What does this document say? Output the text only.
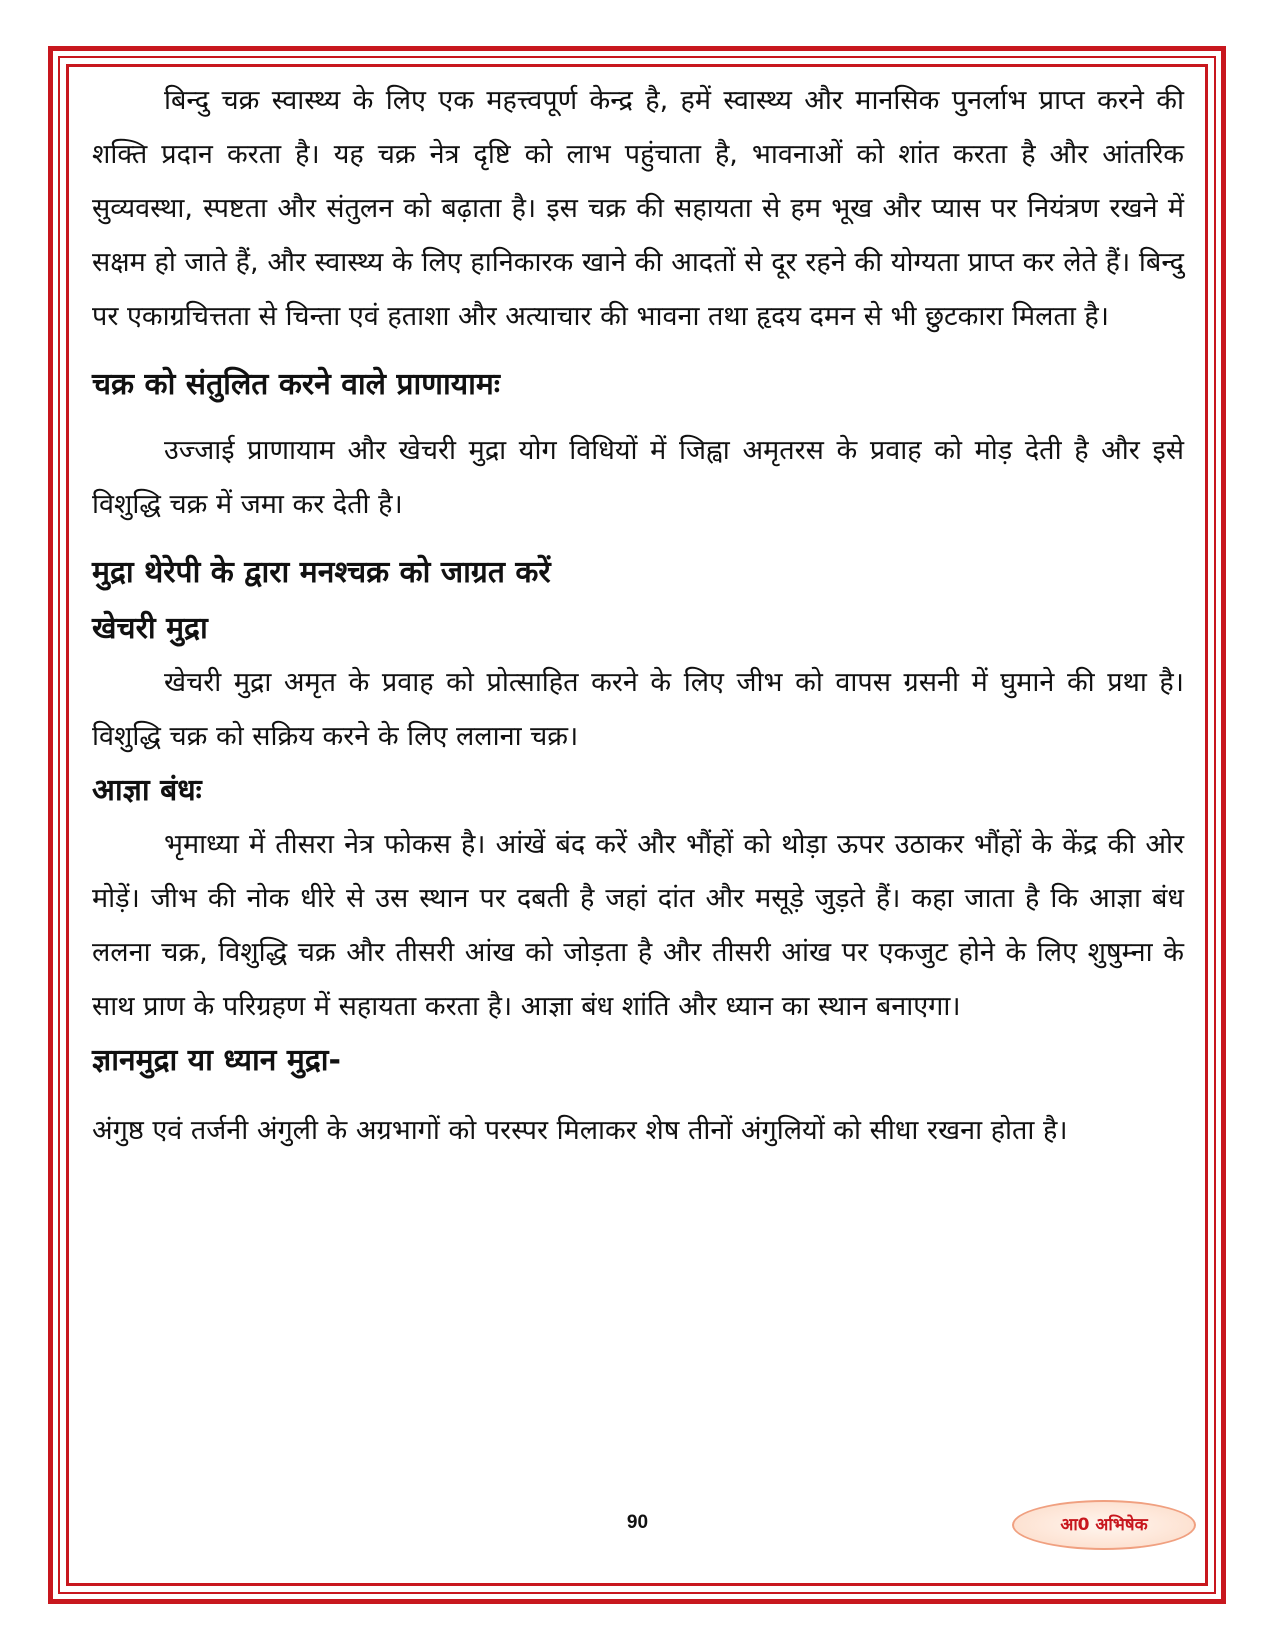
बिन्दु चक्र स्वास्थ्य के लिए एक महत्त्वपूर्ण केन्द्र है, हमें स्वास्थ्य और मानसिक पुनर्लाभ प्राप्त करने की शक्ति प्रदान करता है। यह चक्र नेत्र दृष्टि को लाभ पहुंचाता है, भावनाओं को शांत करता है और आंतरिक सुव्यवस्था, स्पष्टता और संतुलन को बढ़ाता है। इस चक्र की सहायता से हम भूख और प्यास पर नियंत्रण रखने में सक्षम हो जाते हैं, और स्वास्थ्य के लिए हानिकारक खाने की आदतों से दूर रहने की योग्यता प्राप्त कर लेते हैं। बिन्दु पर एकाग्रचित्तता से चिन्ता एवं हताशा और अत्याचार की भावना तथा हृदय दमन से भी छुटकारा मिलता है।

चक्र को संतुलित करने वाले प्राणायामः

उज्जाई प्राणायाम और खेचरी मुद्रा योग विधियों में जिह्वा अमृतरस के प्रवाह को मोड़ देती है और इसे विशुद्धि चक्र में जमा कर देती है।

मुद्रा थेरेपी के द्वारा मनश्चक्र को जाग्रत करें
खेचरी मुद्रा

खेचरी मुद्रा अमृत के प्रवाह को प्रोत्साहित करने के लिए जीभ को वापस ग्रसनी में घुमाने की प्रथा है। विशुद्धि चक्र को सक्रिय करने के लिए ललाना चक्र।

आज्ञा बंधः

भृमाध्या में तीसरा नेत्र फोकस है। आंखें बंद करें और भौंहों को थोड़ा ऊपर उठाकर भौंहों के केंद्र की ओर मोड़ें। जीभ की नोक धीरे से उस स्थान पर दबती है जहां दांत और मसूड़े जुड़ते हैं। कहा जाता है कि आज्ञा बंध ललना चक्र, विशुद्धि चक्र और तीसरी आंख को जोड़ता है और तीसरी आंख पर एकजुट होने के लिए शुषुम्ना के साथ प्राण के परिग्रहण में सहायता करता है। आज्ञा बंध शांति और ध्यान का स्थान बनाएगा।

ज्ञानमुद्रा या ध्यान मुद्रा-

अंगुष्ठ एवं तर्जनी अंगुली के अग्रभागों को परस्पर मिलाकर शेष तीनों अंगुलियों को सीधा रखना होता है।

90	आ0 अभिषेक
